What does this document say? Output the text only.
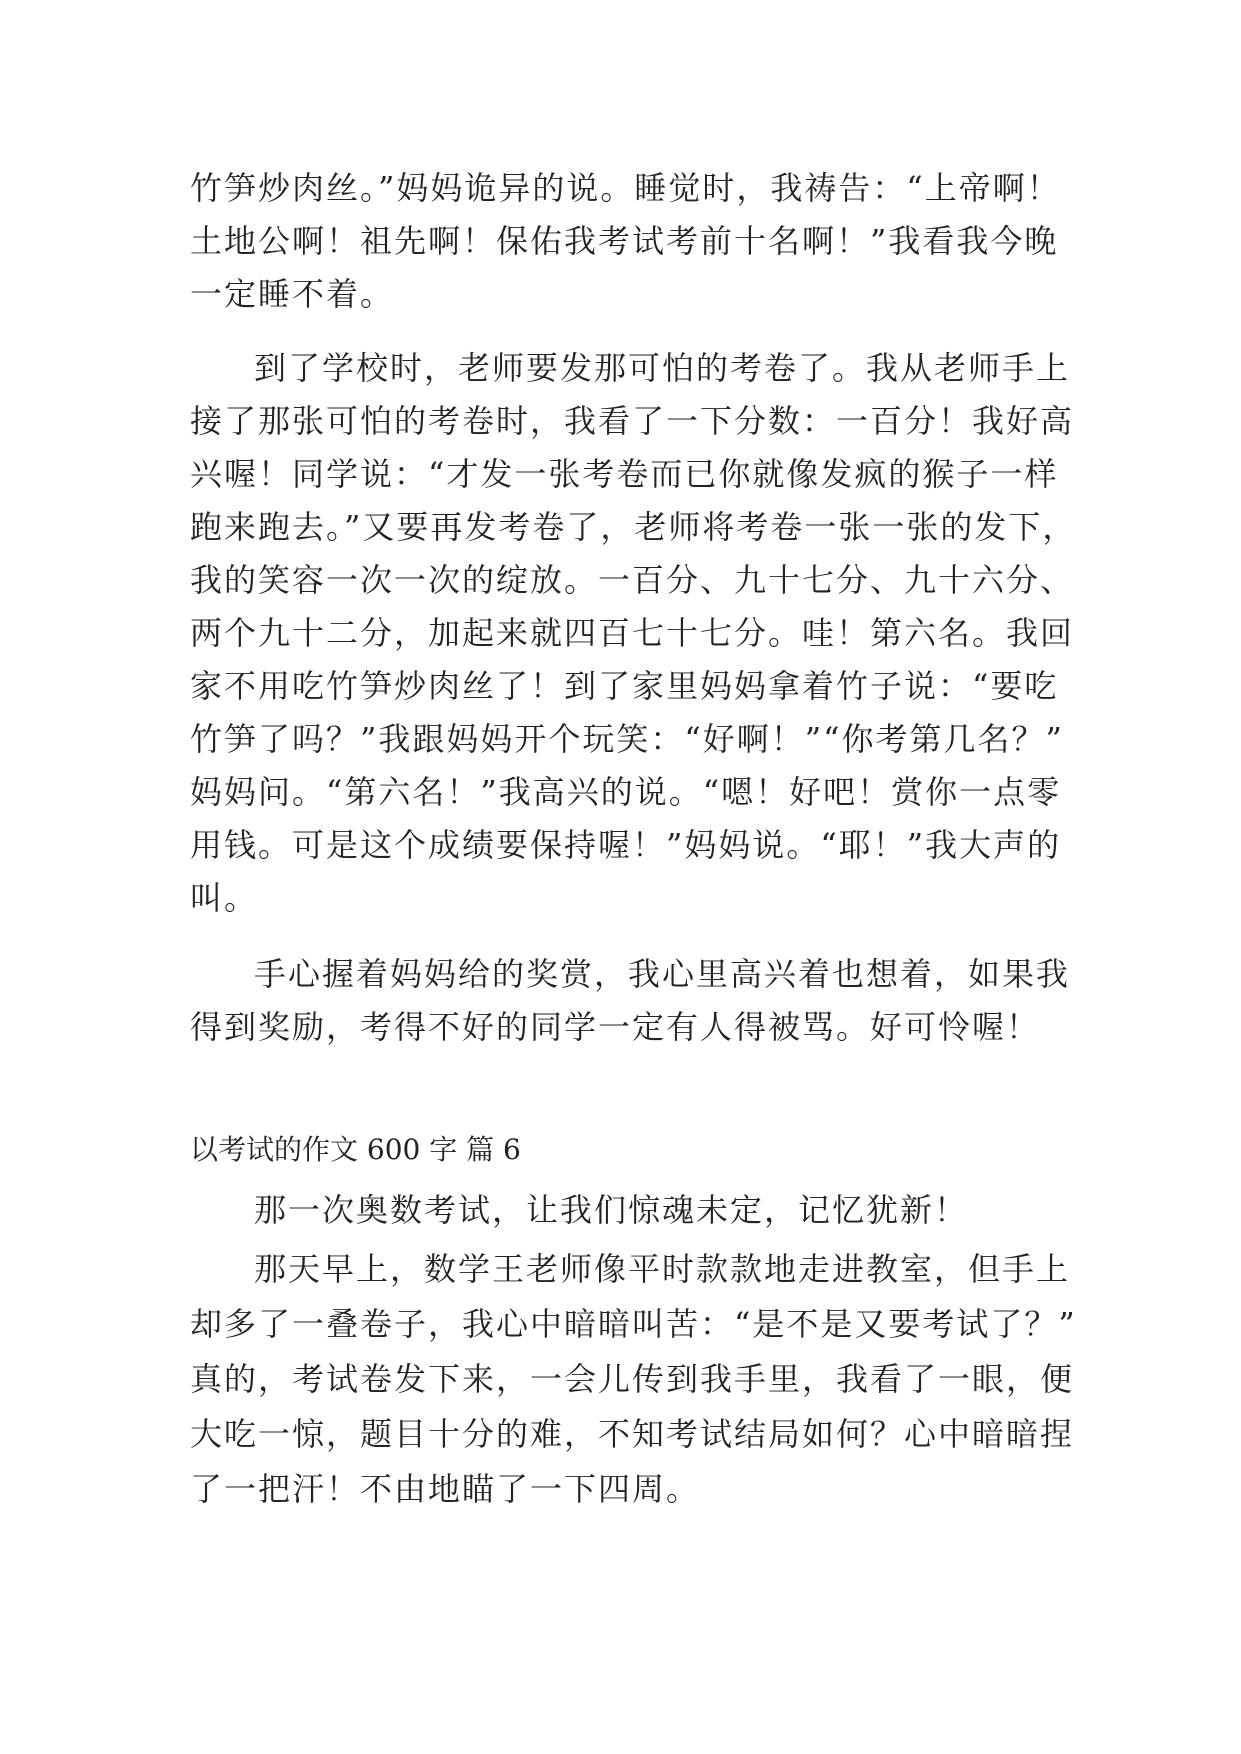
竹笋炒肉丝。”妈妈诡异的说。睡觉时，我祷告：“上帝啊！
土地公啊！祖先啊！保佑我考试考前十名啊！”我看我今晚
一定睡不着。
到了学校时，老师要发那可怕的考卷了。我从老师手上
接了那张可怕的考卷时，我看了一下分数：一百分！我好高
兴喔！同学说：“才发一张考卷而已你就像发疯的猴子一样
跑来跑去。”又要再发考卷了，老师将考卷一张一张的发下，
我的笑容一次一次的绽放。一百分、九十七分、九十六分、
两个九十二分，加起来就四百七十七分。哇！第六名。我回
家不用吃竹笋炒肉丝了！到了家里妈妈拿着竹子说：“要吃
竹笋了吗？”我跟妈妈开个玩笑：“好啊！”“你考第几名？”
妈妈问。“第六名！”我高兴的说。“嗯！好吧！赏你一点零
用钱。可是这个成绩要保持喔！”妈妈说。“耶！”我大声的
叫。
手心握着妈妈给的奖赏，我心里高兴着也想着，如果我
得到奖励，考得不好的同学一定有人得被骂。好可怜喔！
以考试的作文 600 字 篇 6
那一次奥数考试，让我们惊魂未定，记忆犹新！
那天早上，数学王老师像平时款款地走进教室，但手上
却多了一叠卷子，我心中暗暗叫苦：“是不是又要考试了？”
真的，考试卷发下来，一会儿传到我手里，我看了一眼，便
大吃一惊，题目十分的难，不知考试结局如何？心中暗暗捏
了一把汗！不由地瞄了一下四周。
